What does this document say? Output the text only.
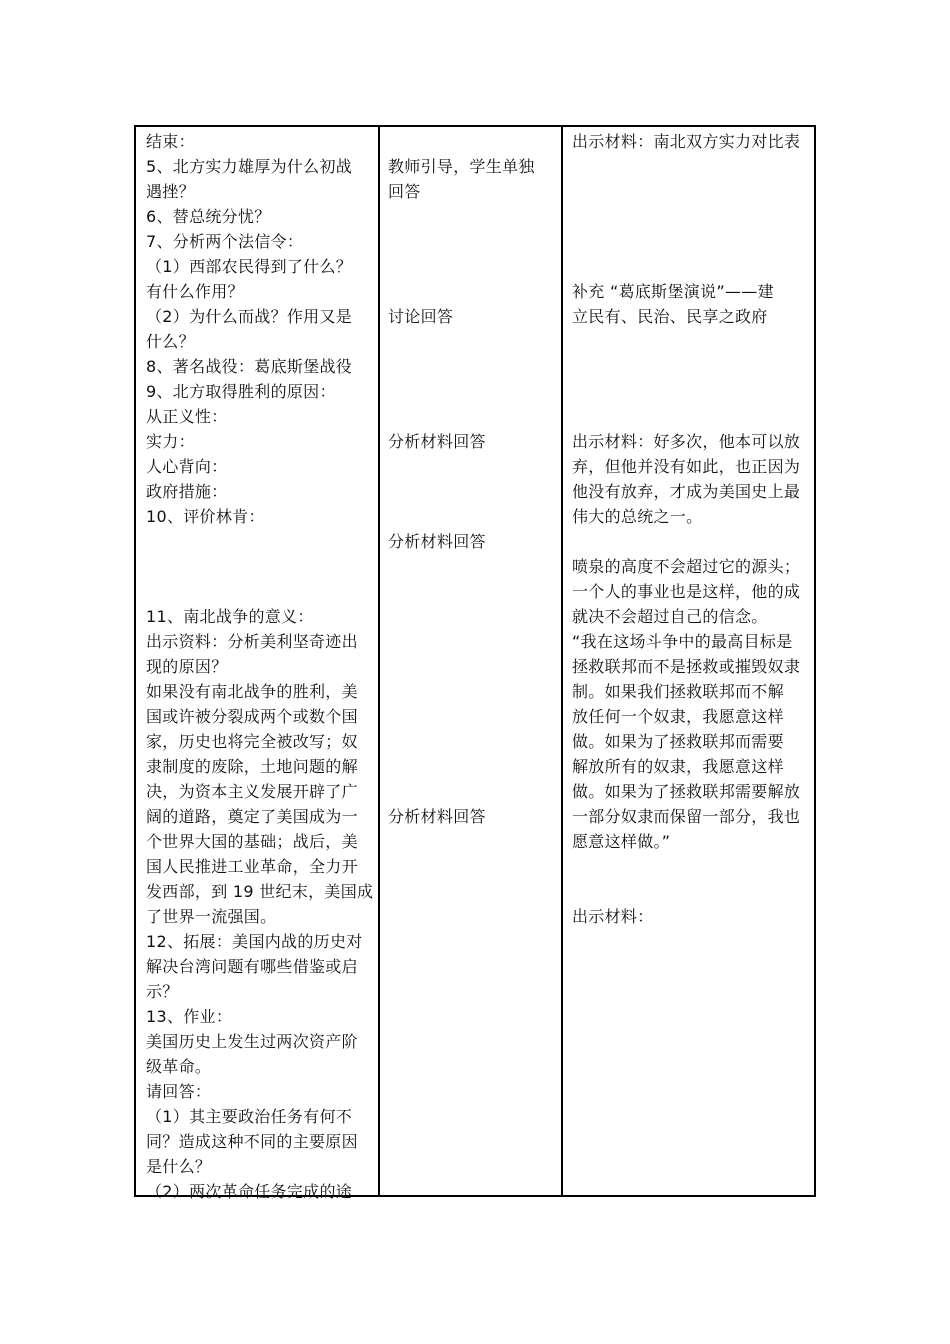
结束：
5、北方实力雄厚为什么初战
遇挫？
6、替总统分忧？
7、分析两个法信令：
（1）西部农民得到了什么？
有什么作用？
（2）为什么而战？作用又是
什么？
8、著名战役：葛底斯堡战役
9、北方取得胜利的原因：
从正义性：
实力：
人心背向：
政府措施：
10、评价林肯：
11、南北战争的意义：
出示资料：分析美利坚奇迹出
现的原因？
如果没有南北战争的胜利，美
国或许被分裂成两个或数个国
家，历史也将完全被改写；奴
隶制度的废除，土地问题的解
决，为资本主义发展开辟了广
阔的道路，奠定了美国成为一
个世界大国的基础；战后，美
国人民推进工业革命，全力开
发西部，到 19 世纪末，美国成
了世界一流强国。
12、拓展：美国内战的历史对
解决台湾问题有哪些借鉴或启
示？
13、作业：
美国历史上发生过两次资产阶
级革命。
请回答：
（1）其主要政治任务有何不
同？造成这种不同的主要原因
是什么？
（2）两次革命任务完成的途
教师引导，学生单独
回答
讨论回答
分析材料回答
分析材料回答
分析材料回答
出示材料：南北双方实力对比表
补充 “葛底斯堡演说”——建
立民有、民治、民享之政府
出示材料：好多次，他本可以放
弃，但他并没有如此，也正因为
他没有放弃，才成为美国史上最
伟大的总统之一。
喷泉的高度不会超过它的源头；
一个人的事业也是这样，他的成
就决不会超过自己的信念。
“我在这场斗争中的最高目标是
拯救联邦而不是拯救或摧毁奴隶
制。如果我们拯救联邦而不解
放任何一个奴隶，我愿意这样
做。如果为了拯救联邦而需要
解放所有的奴隶，我愿意这样
做。如果为了拯救联邦需要解放
一部分奴隶而保留一部分，我也
愿意这样做。”
出示材料：
